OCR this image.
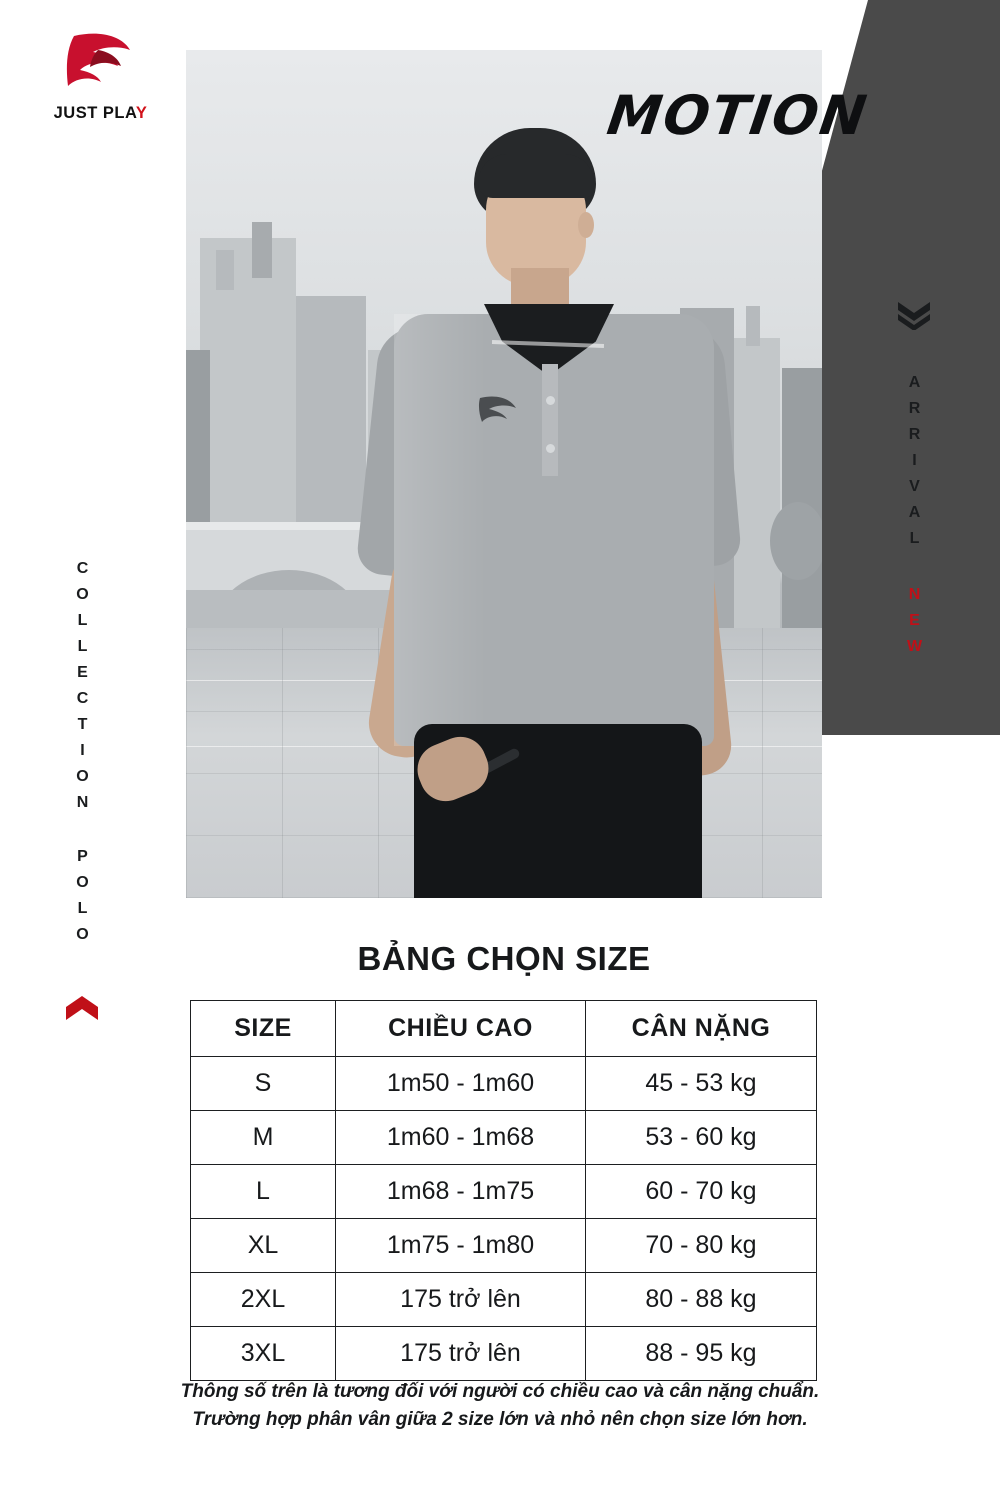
JUST PLAY	MOTION
ARRIVAL
NEW
COLLECTION
POLO
BẢNG CHỌN SIZE
SIZE	CHIỀU CAO	CÂN NẶNG
S	1m50 - 1m60	45 - 53 kg
M	1m60 - 1m68	53 - 60 kg
L	1m68 - 1m75	60 - 70 kg
XL	1m75 - 1m80	70 - 80 kg
2XL	175 trở lên	80 - 88 kg
3XL	175 trở lên	88 - 95 kg
Thông số trên là tương đối với người có chiều cao và cân nặng chuẩn.
Trường hợp phân vân giữa 2 size lớn và nhỏ nên chọn size lớn hơn.
